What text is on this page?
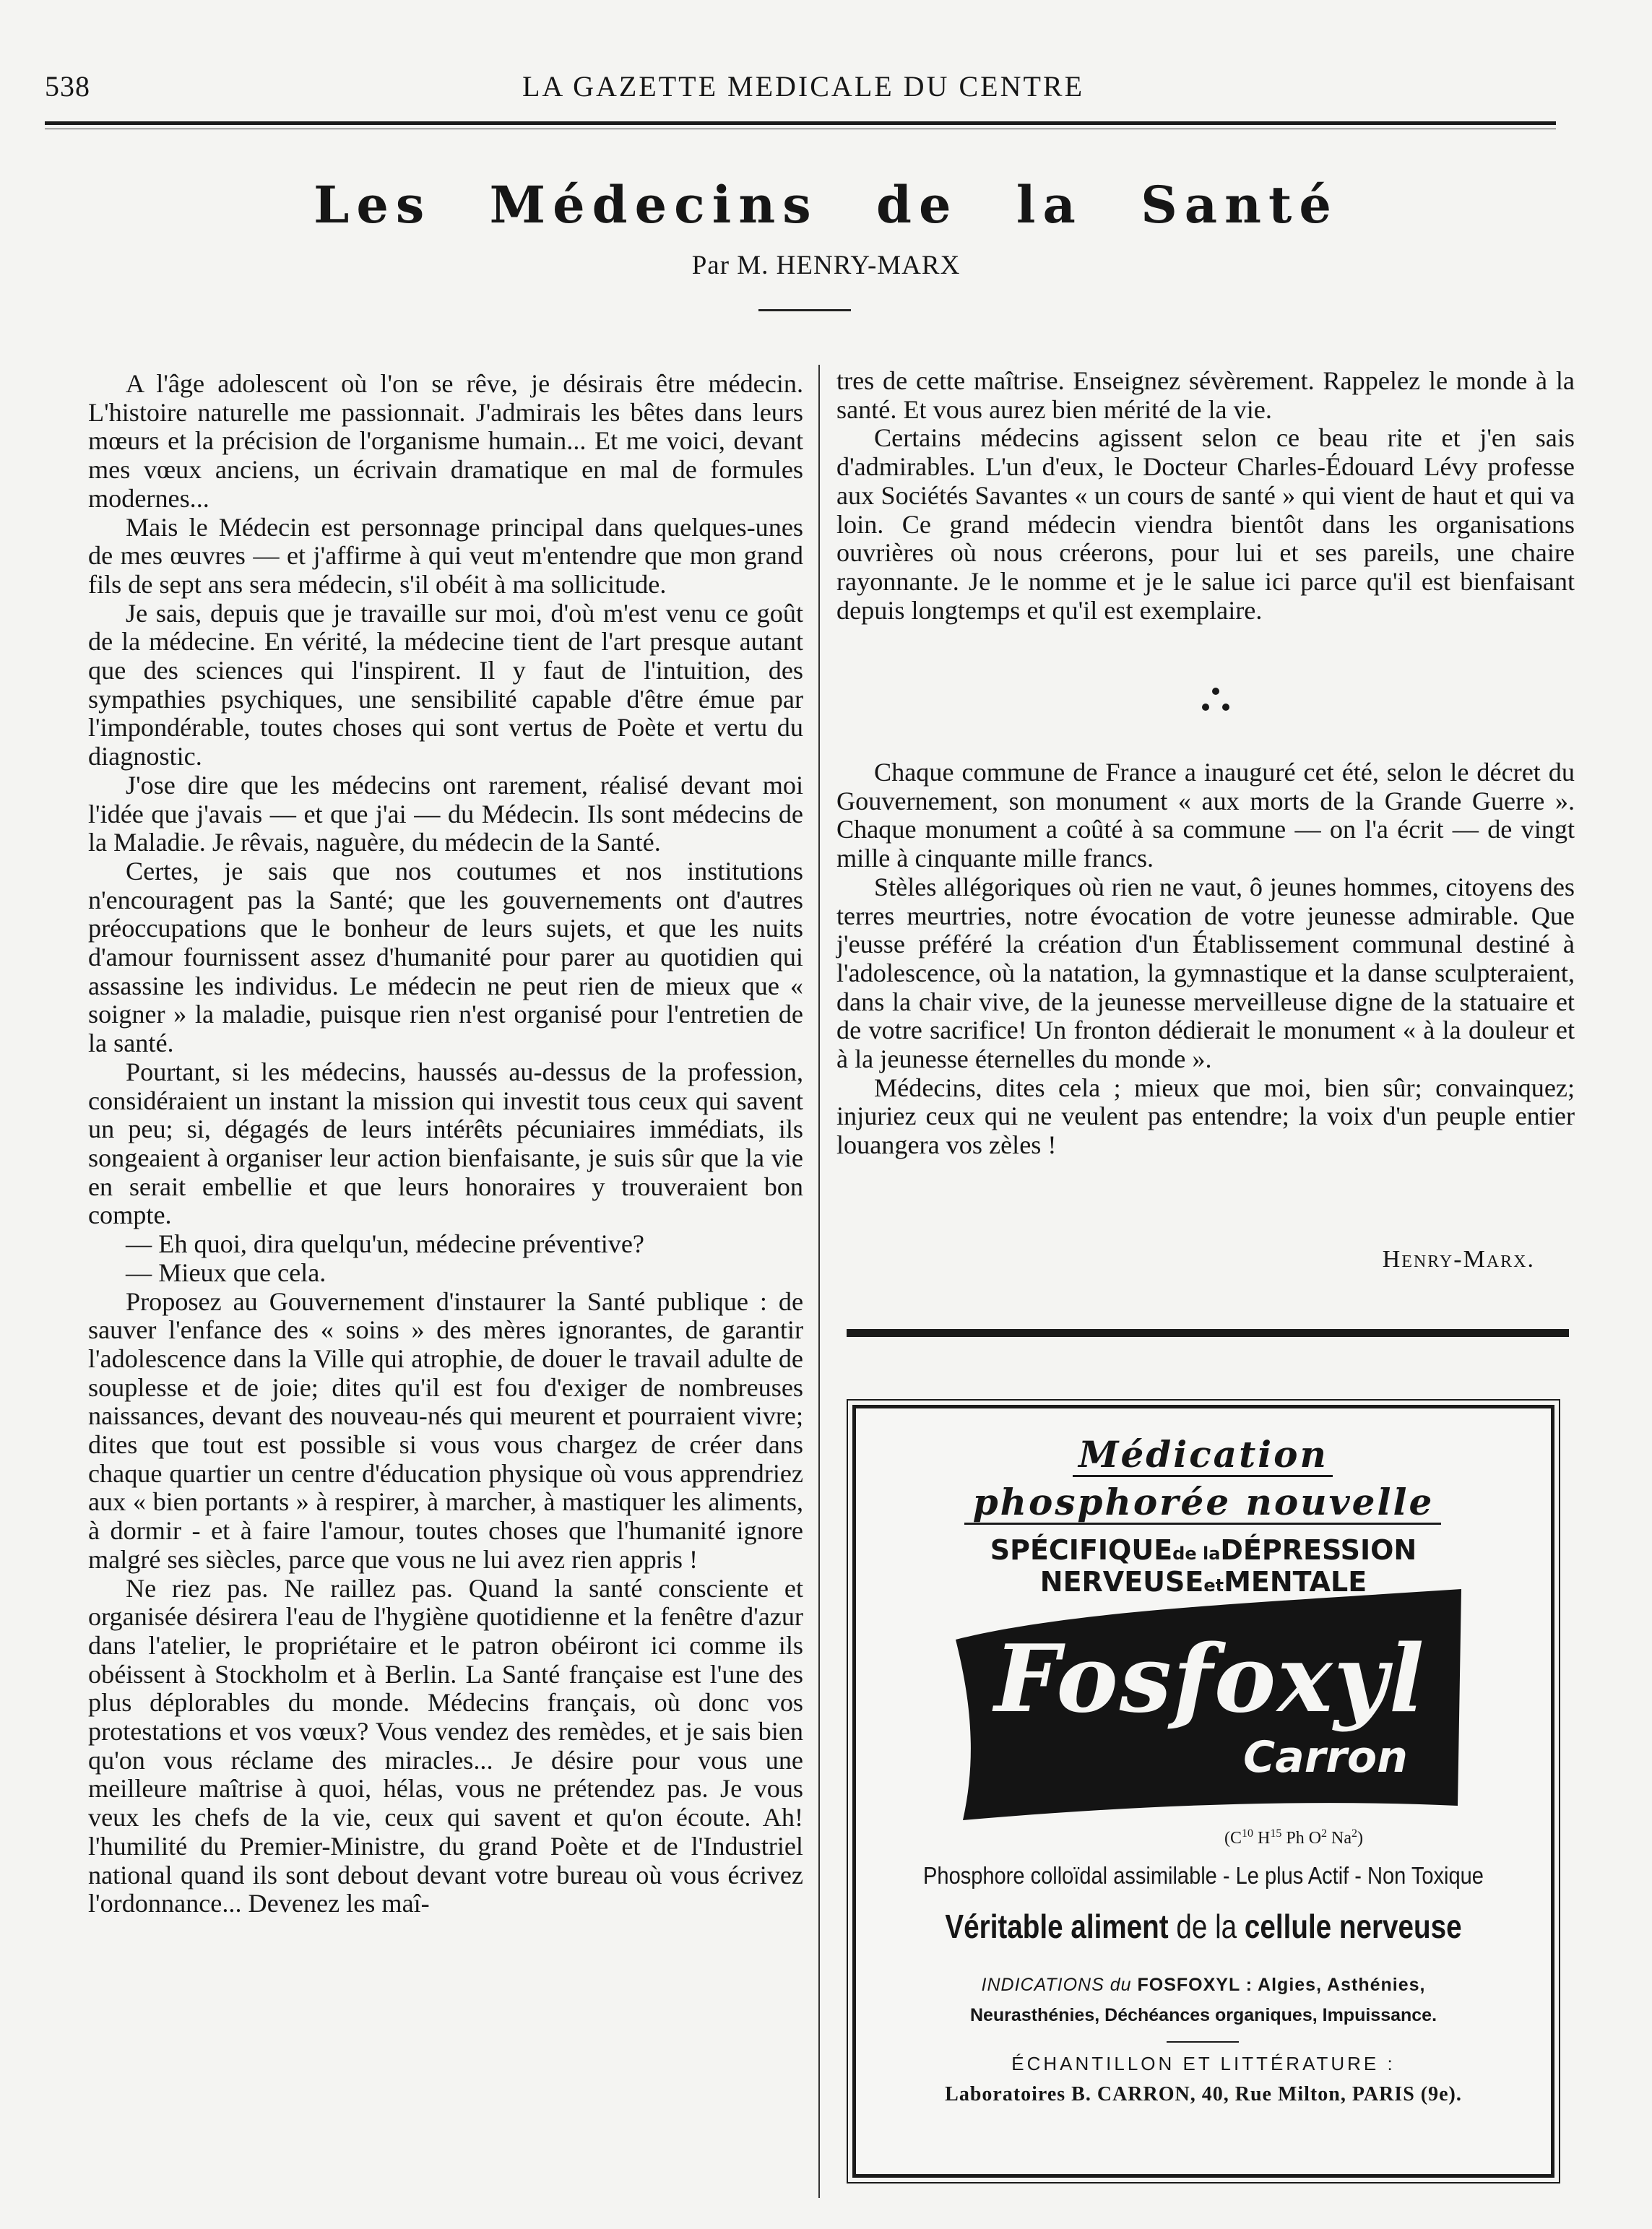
538	LA GAZETTE MEDICALE DU CENTRE
Les Médecins de la Santé
Par M. HENRY-MARX

A l'âge adolescent où l'on se rêve, je désirais être médecin. L'histoire naturelle me passionnait. J'admirais les bêtes dans leurs mœurs et la précision de l'organisme humain... Et me voici, devant mes vœux anciens, un écrivain dramatique en mal de formules modernes...

Mais le Médecin est personnage principal dans quelques-unes de mes œuvres — et j'affirme à qui veut m'entendre que mon grand fils de sept ans sera médecin, s'il obéit à ma sollicitude.

Je sais, depuis que je travaille sur moi, d'où m'est venu ce goût de la médecine. En vérité, la médecine tient de l'art presque autant que des sciences qui l'inspirent. Il y faut de l'intuition, des sympathies psychiques, une sensibilité capable d'être émue par l'impondérable, toutes choses qui sont vertus de Poète et vertu du diagnostic.

J'ose dire que les médecins ont rarement, réalisé devant moi l'idée que j'avais — et que j'ai — du Médecin. Ils sont médecins de la Maladie. Je rêvais, naguère, du médecin de la Santé.

Certes, je sais que nos coutumes et nos institutions n'encouragent pas la Santé; que les gouvernements ont d'autres préoccupations que le bonheur de leurs sujets, et que les nuits d'amour fournissent assez d'humanité pour parer au quotidien qui assassine les individus. Le médecin ne peut rien de mieux que « soigner » la maladie, puisque rien n'est organisé pour l'entretien de la santé.

Pourtant, si les médecins, haussés au-dessus de la profession, considéraient un instant la mission qui investit tous ceux qui savent un peu; si, dégagés de leurs intérêts pécuniaires immédiats, ils songeaient à organiser leur action bienfaisante, je suis sûr que la vie en serait embellie et que leurs honoraires y trouveraient bon compte.

— Eh quoi, dira quelqu'un, médecine préventive?

— Mieux que cela.

Proposez au Gouvernement d'instaurer la Santé publique : de sauver l'enfance des « soins » des mères ignorantes, de garantir l'adolescence dans la Ville qui atrophie, de douer le travail adulte de souplesse et de joie; dites qu'il est fou d'exiger de nombreuses naissances, devant des nouveau-nés qui meurent et pourraient vivre; dites que tout est possible si vous vous chargez de créer dans chaque quartier un centre d'éducation physique où vous apprendriez aux « bien portants » à respirer, à marcher, à mastiquer les aliments, à dormir - et à faire l'amour, toutes choses que l'humanité ignore malgré ses siècles, parce que vous ne lui avez rien appris !

Ne riez pas. Ne raillez pas. Quand la santé consciente et organisée désirera l'eau de l'hygiène quotidienne et la fenêtre d'azur dans l'atelier, le propriétaire et le patron obéiront ici comme ils obéissent à Stockholm et à Berlin. La Santé française est l'une des plus déplorables du monde. Médecins français, où donc vos protestations et vos vœux? Vous vendez des remèdes, et je sais bien qu'on vous réclame des miracles... Je désire pour vous une meilleure maîtrise à quoi, hélas, vous ne prétendez pas. Je vous veux les chefs de la vie, ceux qui savent et qu'on écoute. Ah! l'humilité du Premier-Ministre, du grand Poète et de l'Industriel national quand ils sont debout devant votre bureau où vous écrivez l'ordonnance... Devenez les maî-

tres de cette maîtrise. Enseignez sévèrement. Rappelez le monde à la santé. Et vous aurez bien mérité de la vie.

Certains médecins agissent selon ce beau rite et j'en sais d'admirables. L'un d'eux, le Docteur Charles-Édouard Lévy professe aux Sociétés Savantes « un cours de santé » qui vient de haut et qui va loin. Ce grand médecin viendra bientôt dans les organisations ouvrières où nous créerons, pour lui et ses pareils, une chaire rayonnante. Je le nomme et je le salue ici parce qu'il est bienfaisant depuis longtemps et qu'il est exemplaire.

Chaque commune de France a inauguré cet été, selon le décret du Gouvernement, son monument « aux morts de la Grande Guerre ». Chaque monument a coûté à sa commune — on l'a écrit — de vingt mille à cinquante mille francs.

Stèles allégoriques où rien ne vaut, ô jeunes hommes, citoyens des terres meurtries, notre évocation de votre jeunesse admirable. Que j'eusse préféré la création d'un Établissement communal destiné à l'adolescence, où la natation, la gymnastique et la danse sculpteraient, dans la chair vive, de la jeunesse merveilleuse digne de la statuaire et de votre sacrifice! Un fronton dédierait le monument « à la douleur et à la jeunesse éternelles du monde ».

Médecins, dites cela ; mieux que moi, bien sûr; convainquez; injuriez ceux qui ne veulent pas entendre; la voix d'un peuple entier louangera vos zèles !

Henry-Marx.
Médication
phosphorée nouvelle
SPÉCIFIQUEde laDÉPRESSION NERVEUSEetMENTALE
Fosfoxyl
Carron
($C^{10}$ $H^{15}$ Ph $O^2$ Na$^2$)
Phosphore colloïdal assimilable - Le plus Actif - Non Toxique
Véritable aliment de la cellule nerveuse
INDICATIONS du FOSFOXYL : Algies, Asthénies,
Neurasthénies, Déchéances organiques, Impuissance.
ÉCHANTILLON ET LITTÉRATURE :
Laboratoires B. CARRON, 40, Rue Milton, PARIS (9e).
